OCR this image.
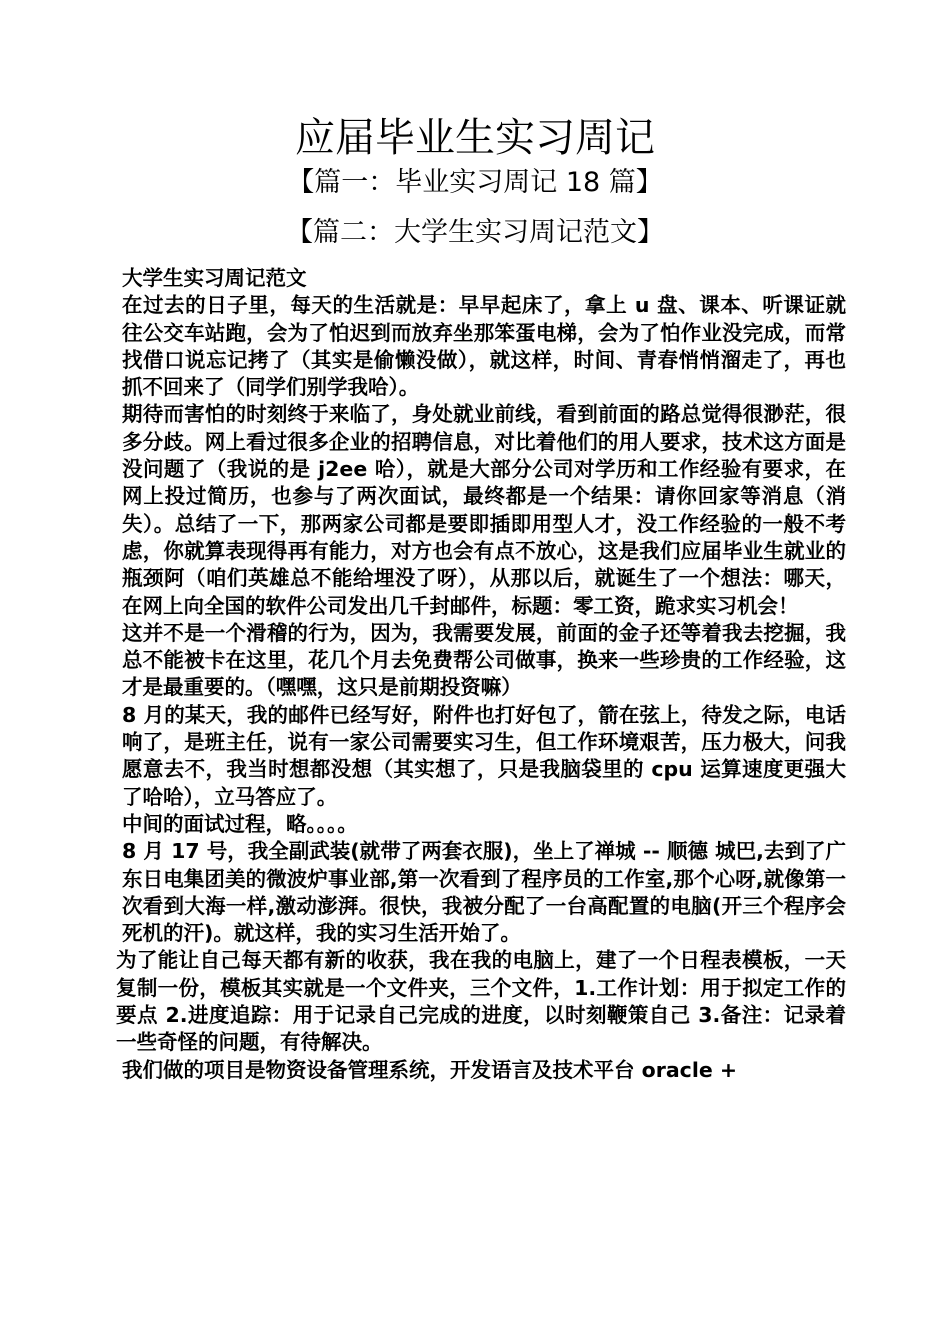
应届毕业生实习周记
【篇一：毕业实习周记 18 篇】
【篇二：大学生实习周记范文】

大学生实习周记范文

在过去的日子里，每天的生活就是：早早起床了，拿上 u 盘、课本、听课证就往公交车站跑，会为了怕迟到而放弃坐那笨蛋电梯，会为了怕作业没完成，而常找借口说忘记拷了（其实是偷懒没做），就这样，时间、青春悄悄溜走了，再也抓不回来了（同学们别学我哈）。

期待而害怕的时刻终于来临了，身处就业前线，看到前面的路总觉得很渺茫，很多分歧。网上看过很多企业的招聘信息，对比着他们的用人要求，技术这方面是没问题了（我说的是 j2ee 哈），就是大部分公司对学历和工作经验有要求，在网上投过简历，也参与了两次面试，最终都是一个结果：请你回家等消息（消失）。总结了一下，那两家公司都是要即插即用型人才，没工作经验的一般不考虑，你就算表现得再有能力，对方也会有点不放心，这是我们应届毕业生就业的瓶颈阿（咱们英雄总不能给埋没了呀），从那以后，就诞生了一个想法：哪天，在网上向全国的软件公司发出几千封邮件，标题：零工资，跪求实习机会！

这并不是一个滑稽的行为，因为，我需要发展，前面的金子还等着我去挖掘，我总不能被卡在这里，花几个月去免费帮公司做事，换来一些珍贵的工作经验，这才是最重要的。（嘿嘿，这只是前期投资嘛）

8 月的某天，我的邮件已经写好，附件也打好包了，箭在弦上，待发之际，电话响了，是班主任，说有一家公司需要实习生，但工作环境艰苦，压力极大，问我愿意去不，我当时想都没想（其实想了，只是我脑袋里的 cpu 运算速度更强大了哈哈），立马答应了。

中间的面试过程，略。。。。

8 月 17 号，我全副武装(就带了两套衣服)，坐上了禅城 -- 顺德 城巴,去到了广东日电集团美的微波炉事业部,第一次看到了程序员的工作室,那个心呀,就像第一次看到大海一样,激动澎湃。很快，我被分配了一台高配置的电脑(开三个程序会死机的汗)。就这样，我的实习生活开始了。

为了能让自己每天都有新的收获，我在我的电脑上，建了一个日程表模板，一天复制一份，模板其实就是一个文件夹，三个文件，1.工作计划：用于拟定工作的要点 2.进度追踪：用于记录自己完成的进度，以时刻鞭策自己 3.备注：记录着一些奇怪的问题，有待解决。

我们做的项目是物资设备管理系统，开发语言及技术平台 oracle +
